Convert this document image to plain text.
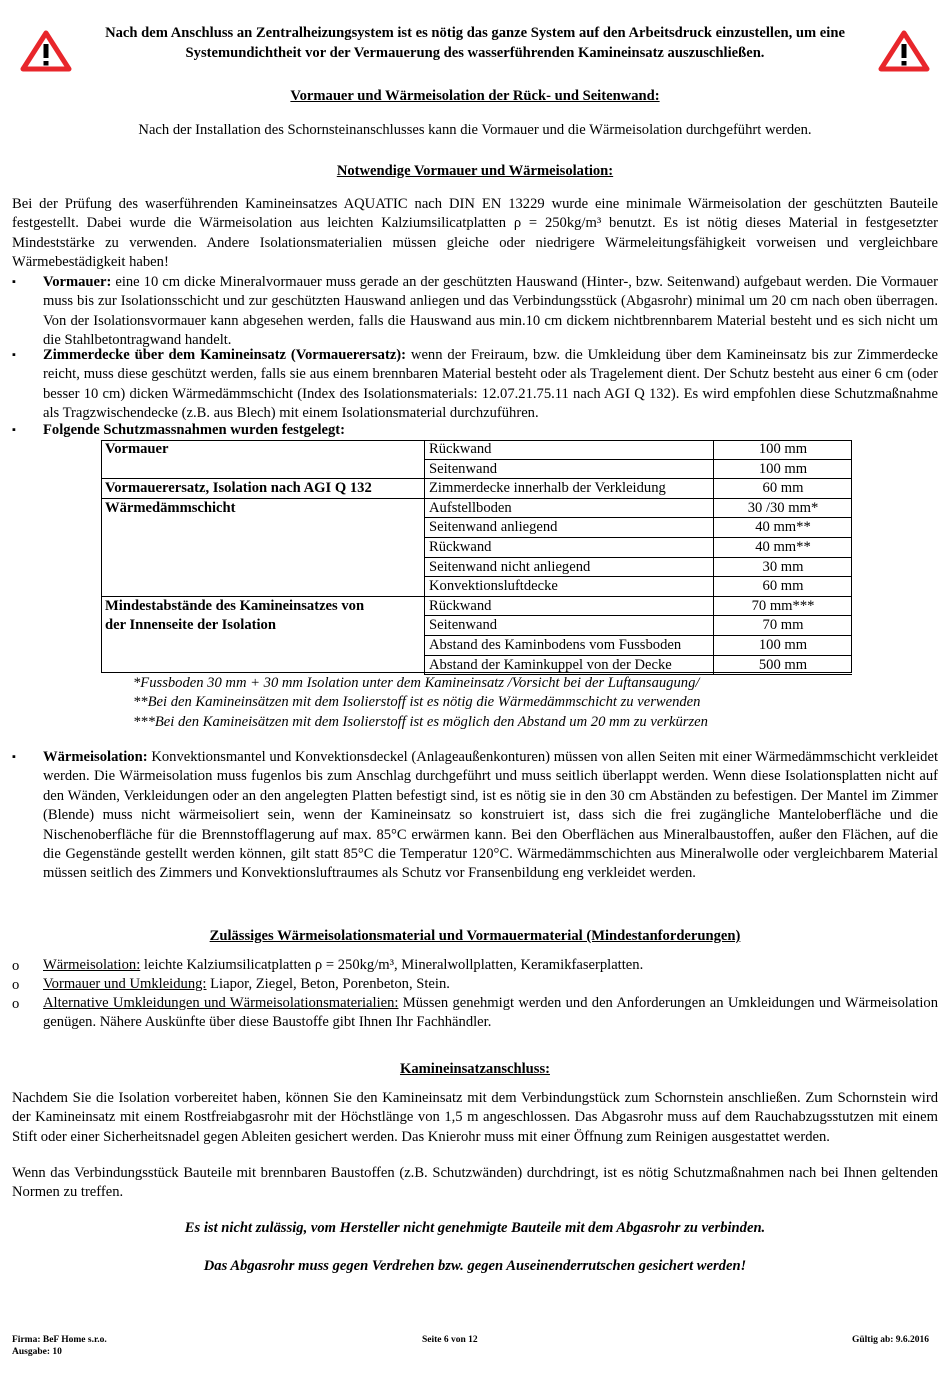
Nach dem Anschluss an Zentralheizungsystem ist es nötig das ganze System auf den Arbeitsdruck einzustellen, um eine
Systemundichtheit vor der Vermauerung des wasserführenden Kamineinsatz auszuschließen.
Vormauer und Wärmeisolation der Rück- und Seitenwand:
Nach der Installation des Schornsteinanschlusses kann die Vormauer und die Wärmeisolation durchgeführt werden.
Notwendige Vormauer und Wärmeisolation:
Bei der Prüfung des waserführenden Kamineinsatzes AQUATIC nach DIN EN 13229 wurde eine minimale Wärmeisolation der geschützten Bauteile festgestellt. Dabei wurde die Wärmeisolation aus leichten Kalziumsilicatplatten ρ = 250kg/m³ benutzt. Es ist nötig dieses Material in festgesetzter Mindeststärke zu verwenden. Andere Isolationsmaterialien müssen gleiche oder niedrigere Wärmeleitungsfähigkeit vorweisen und vergleichbare Wärmebestädigkeit haben!
▪	Vormauer: eine 10 cm dicke Mineralvormauer muss gerade an der geschützten Hauswand (Hinter-, bzw. Seitenwand) aufgebaut werden. Die Vormauer muss bis zur Isolationsschicht und zur geschützten Hauswand anliegen und das Verbindungsstück (Abgasrohr) minimal um 20 cm nach oben überragen. Von der Isolationsvormauer kann abgesehen werden, falls die Hauswand aus min.10 cm dickem nichtbrennbarem Material besteht und es sich nicht um die Stahlbetontragwand handelt.
▪	Zimmerdecke über dem Kamineinsatz (Vormauerersatz): wenn der Freiraum, bzw. die Umkleidung über dem Kamineinsatz bis zur Zimmerdecke reicht, muss diese geschützt werden, falls sie aus einem brennbaren Material besteht oder als Tragelement dient. Der Schutz besteht aus einer 6 cm (oder besser 10 cm) dicken Wärmedämmschicht (Index des Isolationsmaterials: 12.07.21.75.11 nach AGI Q 132). Es wird empfohlen diese Schutzmaßnahme als Tragzwischendecke (z.B. aus Blech) mit einem Isolationsmaterial durchzuführen.
▪	Folgende Schutzmassnahmen wurden festgelegt:
Vormauer	Rückwand	100 mm
	Seitenwand	100 mm
Vormauerersatz, Isolation nach AGI Q 132	Zimmerdecke innerhalb der Verkleidung	60 mm
Wärmedämmschicht	Aufstellboden	30 /30 mm*
	Seitenwand anliegend	40 mm**
	Rückwand	40 mm**
	Seitenwand nicht anliegend	30 mm
	Konvektionsluftdecke	60 mm
Mindestabstände des Kamineinsatzes von	Rückwand	70 mm***
der Innenseite der Isolation	Seitenwand	70 mm
	Abstand des Kaminbodens vom Fussboden	100 mm
	Abstand der Kaminkuppel von der Decke	500 mm
*Fussboden 30 mm + 30 mm Isolation unter dem Kamineinsatz /Vorsicht bei der Luftansaugung/
**Bei den Kamineinsätzen mit dem Isolierstoff ist es nötig die Wärmedämmschicht zu verwenden
***Bei den Kamineisätzen mit dem Isolierstoff ist es möglich den Abstand um 20 mm zu verkürzen
▪	Wärmeisolation: Konvektionsmantel und Konvektionsdeckel (Anlageaußenkonturen) müssen von allen Seiten mit einer Wärmedämmschicht verkleidet werden. Die Wärmeisolation muss fugenlos bis zum Anschlag durchgeführt und muss seitlich überlappt werden. Wenn diese Isolationsplatten nicht auf den Wänden, Verkleidungen oder an den angelegten Platten befestigt sind, ist es nötig sie in den 30 cm Abständen zu befestigen. Der Mantel im Zimmer (Blende) muss nicht wärmeisoliert sein, wenn der Kamineinsatz so konstruiert ist, dass sich die frei zugängliche Manteloberfläche und die Nischenoberfläche für die Brennstofflagerung auf max. 85°C erwärmen kann. Bei den Oberflächen aus Mineralbaustoffen, außer den Flächen, auf die die Gegenstände gestellt werden können, gilt statt 85°C die Temperatur 120°C. Wärmedämmschichten aus Mineralwolle oder vergleichbarem Material müssen seitlich des Zimmers und Konvektionsluftraumes als Schutz vor Fransenbildung eng verkleidet werden.
Zulässiges Wärmeisolationsmaterial und Vormauermaterial (Mindestanforderungen)
o Wärmeisolation: leichte Kalziumsilicatplatten ρ = 250kg/m³, Mineralwollplatten, Keramikfaserplatten.
o Vormauer und Umkleidung: Liapor, Ziegel, Beton, Porenbeton, Stein.
o Alternative Umkleidungen und Wärmeisolationsmaterialien: Müssen genehmigt werden und den Anforderungen an Umkleidungen und Wärmeisolation genügen. Nähere Auskünfte über diese Baustoffe gibt Ihnen Ihr Fachhändler.
Kamineinsatzanschluss:
Nachdem Sie die Isolation vorbereitet haben, können Sie den Kamineinsatz mit dem Verbindungstück zum Schornstein anschließen. Zum Schornstein wird der Kamineinsatz mit einem Rostfreiabgasrohr mit der Höchstlänge von 1,5 m angeschlossen. Das Abgasrohr muss auf dem Rauchabzugsstutzen mit einem Stift oder einer Sicherheitsnadel gegen Ableiten gesichert werden. Das Knierohr muss mit einer Öffnung zum Reinigen ausgestattet werden.
Wenn das Verbindungsstück Bauteile mit brennbaren Baustoffen (z.B. Schutzwänden) durchdringt, ist es nötig Schutzmaßnahmen nach bei Ihnen geltenden Normen zu treffen.
Es ist nicht zulässig, vom Hersteller nicht genehmigte Bauteile mit dem Abgasrohr zu verbinden.
Das Abgasrohr muss gegen Verdrehen bzw. gegen Auseinenderrutschen gesichert werden!
Firma: BeF Home s.r.o.
Ausgabe: 10
Seite 6 von 12	Gültig ab: 9.6.2016
